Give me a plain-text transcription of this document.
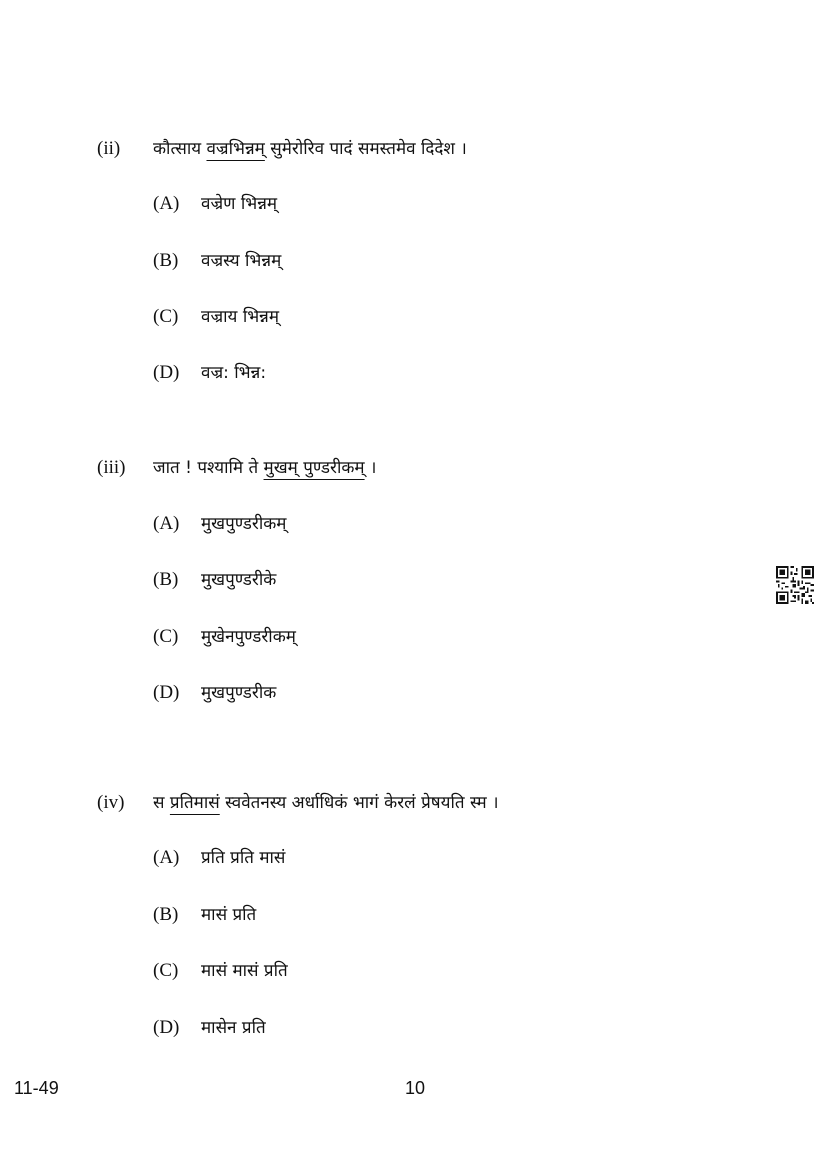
(ii) कौत्साय वज्रभिन्नम् सुमेरोरिव पादं समस्तमेव दिदेश ।
(A) वज्रेण भिन्नम्
(B) वज्रस्य भिन्नम्
(C) वज्राय भिन्नम्
(D) वज्र: भिन्न:
(iii) जात ! पश्यामि ते मुखम् पुण्डरीकम् ।
(A) मुखपुण्डरीकम्
(B) मुखपुण्डरीके
(C) मुखेनपुण्डरीकम्
(D) मुखपुण्डरीक
(iv) स प्रतिमासं स्ववेतनस्य अर्धाधिकं भागं केरलं प्रेषयति स्म ।
(A) प्रति प्रति मासं
(B) मासं प्रति
(C) मासं मासं प्रति
(D) मासेन प्रति
11-49	10
